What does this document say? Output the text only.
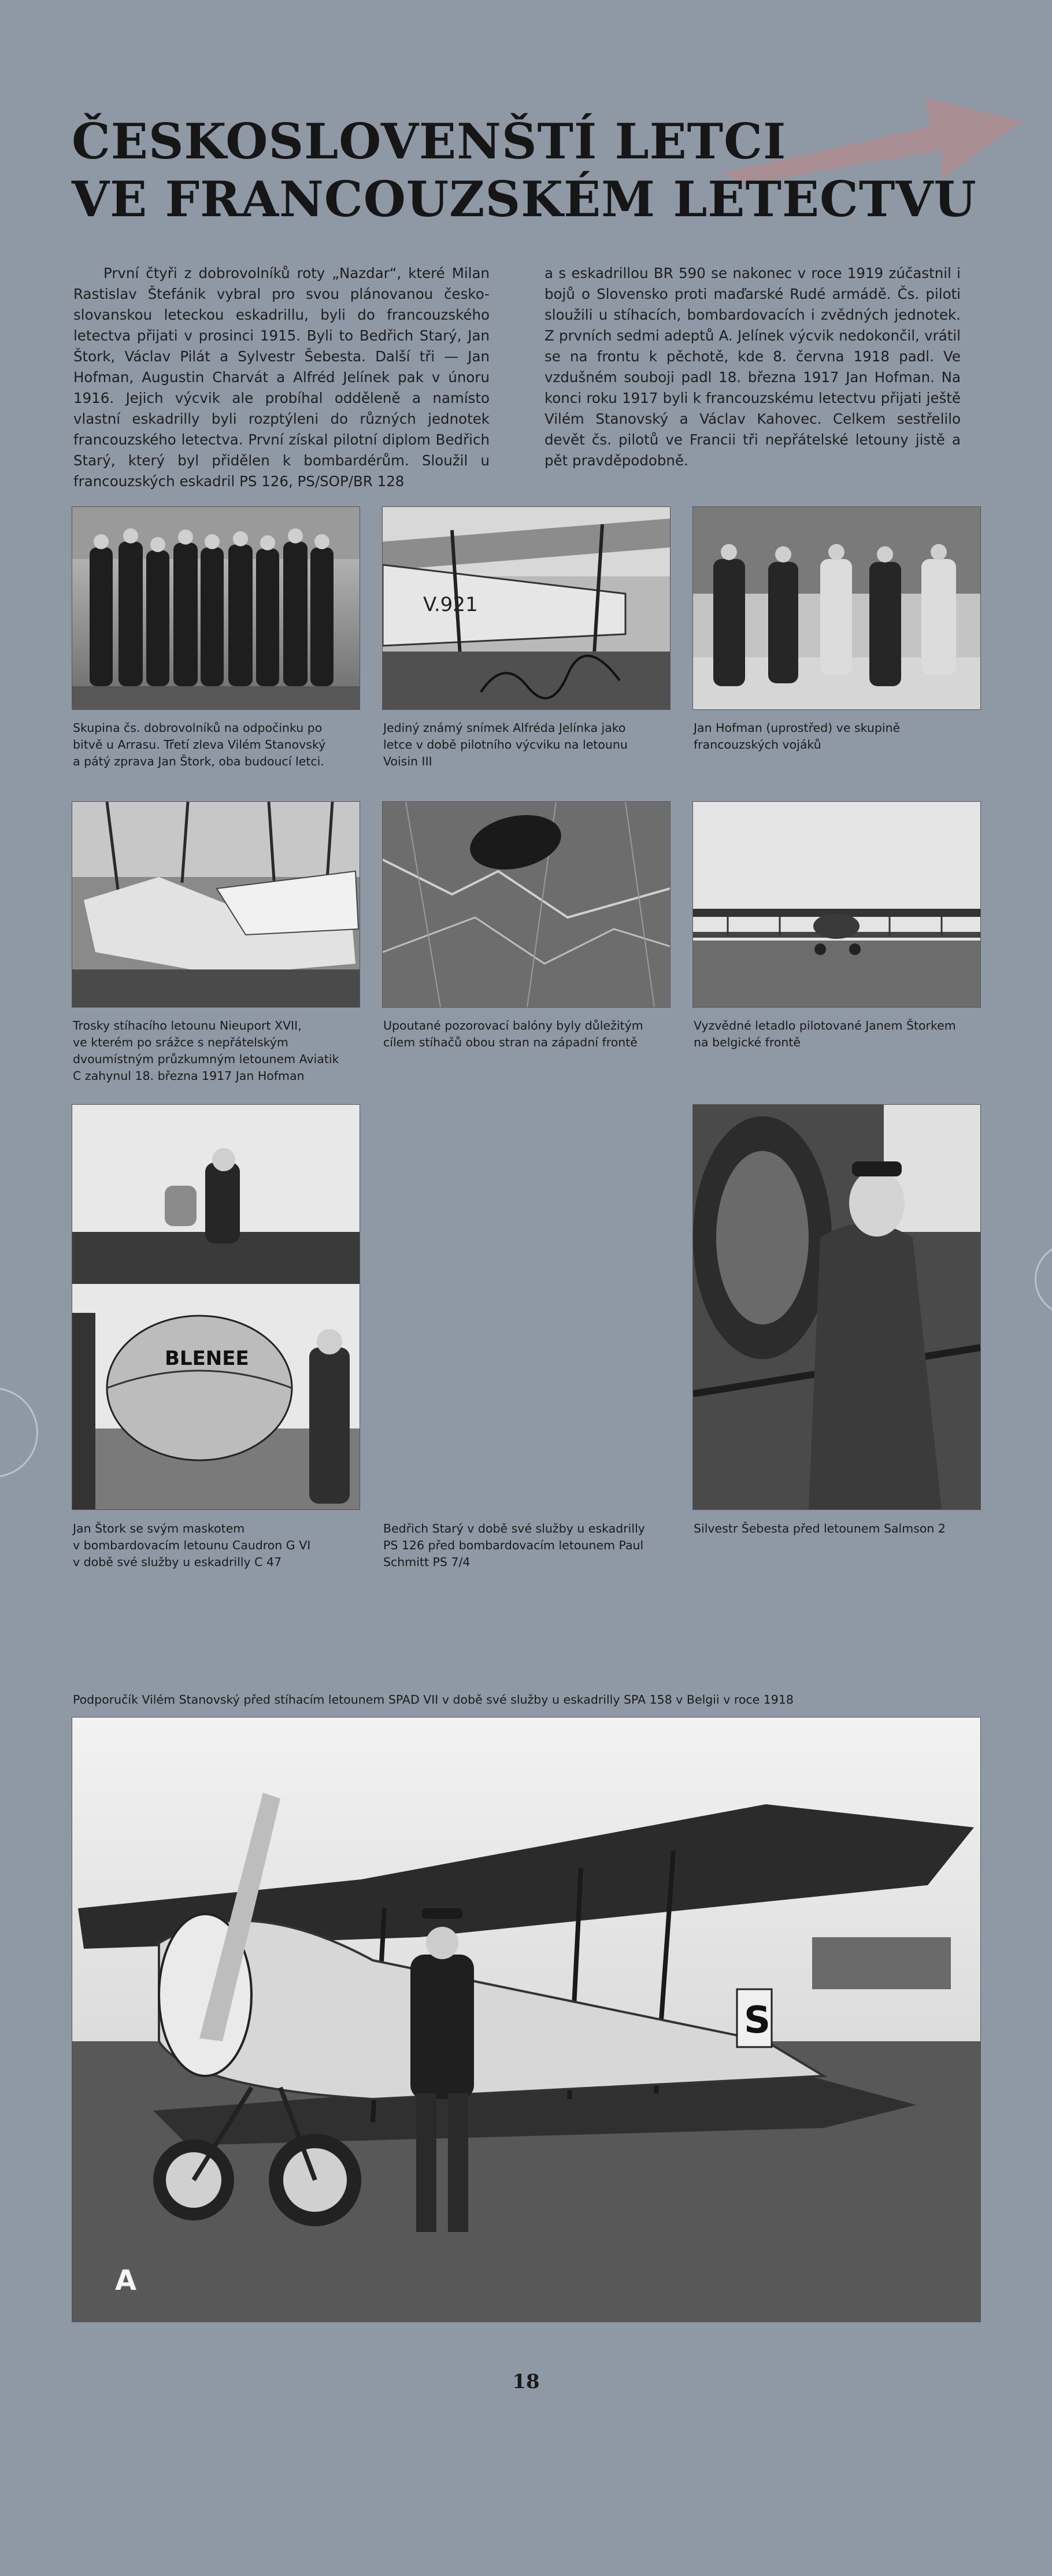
ČESKOSLOVENŠTÍ LETCI
VE FRANCOUZSKÉM LETECTVU

První čtyři z dobrovolníků roty „Nazdar“, které Milan Rastislav Štefánik vybral pro svou plánovanou česko-slovanskou leteckou eskadrillu, byli do francouzského letectva přijati v prosinci 1915. Byli to Bedřich Starý, Jan Štork, Václav Pilát a Sylvestr Šebesta. Další tři — Jan Hofman, Augustin Charvát a Alfréd Jelínek pak v únoru 1916. Jejich výcvik ale probíhal odděleně a namísto vlastní eskadrilly byli rozptýleni do různých jednotek francouzského letectva. První získal pilotní diplom Bedřich Starý, který byl přidělen k bombardérům. Sloužil u francouzských eskadril PS 126, PS/SOP/BR 128

a s eskadrillou BR 590 se nakonec v roce 1919 zúčastnil i bojů o Slovensko proti maďarské Rudé armádě. Čs. piloti sloužili u stíhacích, bombardovacích i zvědných jednotek. Z prvních sedmi adeptů A. Jelínek výcvik nedokončil, vrátil se na frontu k pěchotě, kde 8. června 1918 padl. Ve vzdušném souboji padl 18. března 1917 Jan Hofman. Na konci roku 1917 byli k francouzskému letectvu přijati ještě Vilém Stanovský a Václav Kahovec. Celkem sestřelilo devět čs. pilotů ve Francii tři nepřátelské letouny jistě a pět pravděpodobně.

V.921

Skupina čs. dobrovolníků na odpočinku po
bitvě u Arrasu. Třetí zleva Vilém Stanovský
a pátý zprava Jan Štork, oba budoucí letci.

Jediný známý snímek Alfréda Jelínka jako
letce v době pilotního výcviku na letounu
Voisin III

Jan Hofman (uprostřed) ve skupině
francouzských vojáků

Trosky stíhacího letounu Nieuport XVII,
ve kterém po srážce s nepřátelským
dvoumístným průzkumným letounem Aviatik
C zahynul 18. března 1917 Jan Hofman

Upoutané pozorovací balóny byly důležitým
cílem stíhačů obou stran na západní frontě

Vyzvědné letadlo pilotované Janem Štorkem
na belgické frontě

BLENEE

Jan Štork se svým maskotem
v bombardovacím letounu Caudron G VI
v době své služby u eskadrilly C 47

Bedřich Starý v době své služby u eskadrilly
PS 126 před bombardovacím letounem Paul
Schmitt PS 7/4

Silvestr Šebesta před letounem Salmson 2

Podporučík Vilém Stanovský před stíhacím letounem SPAD VII v době své služby u eskadrilly SPA 158 v Belgii v roce 1918

S
A
18
